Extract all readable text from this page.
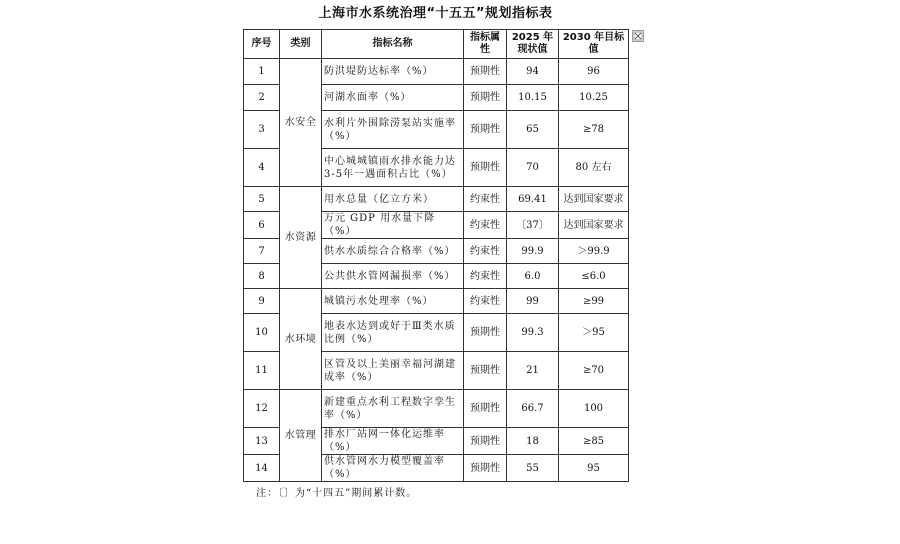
上海市水系统治理“十五五”规划指标表
序号	类别	指标名称	指标属性	2025 年现状值	2030 年目标值
1	水安全	防洪堤防达标率（%）	预期性	94	96
2		河湖水面率（%）	预期性	10.15	10.25
3		水利片外围除涝泵站实施率（%）	预期性	65	≥78
4		中心城城镇雨水排水能力达3-5年一遇面积占比（%）	预期性	70	80 左右
5	水资源	用水总量（亿立方米）	约束性	69.41	达到国家要求
6		万元 GDP 用水量下降（%）	约束性	〔37〕	达到国家要求
7		供水水质综合合格率（%）	约束性	99.9	＞99.9
8		公共供水管网漏损率（%）	约束性	6.0	≤6.0
9	水环境	城镇污水处理率（%）	约束性	99	≥99
10		地表水达到或好于Ⅲ类水质比例（%）	预期性	99.3	＞95
11		区管及以上美丽幸福河湖建成率（%）	预期性	21	≥70
12	水管理	新建重点水利工程数字孪生率（%）	预期性	66.7	100
13		排水厂站网一体化运维率（%）	预期性	18	≥85
14		供水管网水力模型覆盖率（%）	预期性	55	95
注：〔〕为“十四五”期间累计数。
